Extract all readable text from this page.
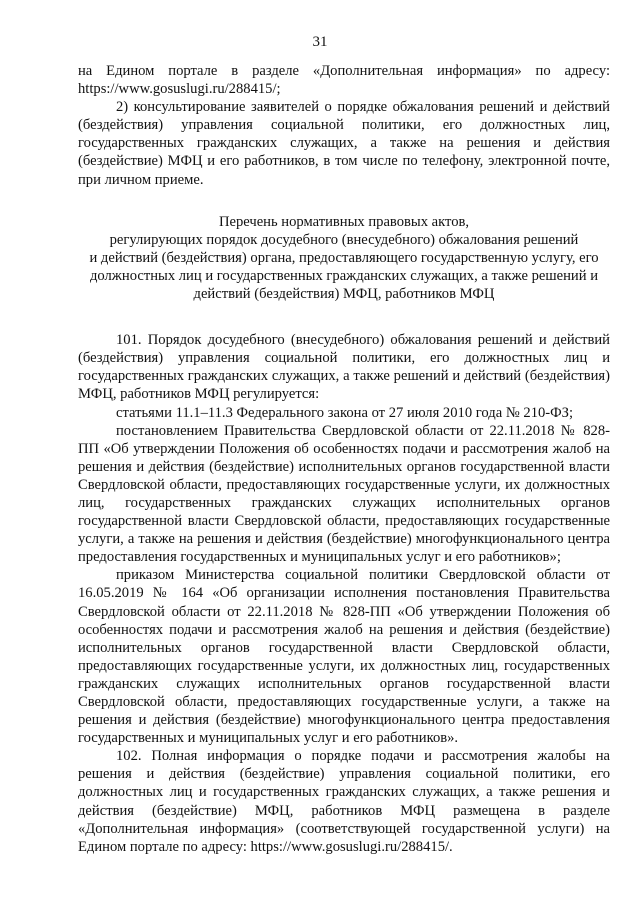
31

на Едином портале в разделе «Дополнительная информация» по адресу: https://www.gosuslugi.ru/288415/;

2) консультирование заявителей о порядке обжалования решений и действий (бездействия) управления социальной политики, его должностных лиц, государственных гражданских служащих, а также на решения и действия (бездействие) МФЦ и его работников, в том числе по телефону, электронной почте, при личном приеме.

Перечень нормативных правовых актов,

регулирующих порядок досудебного (внесудебного) обжалования решений

и действий (бездействия) органа, предоставляющего государственную услугу, его

должностных лиц и государственных гражданских служащих, а также решений и

действий (бездействия) МФЦ, работников МФЦ

101. Порядок досудебного (внесудебного) обжалования решений и действий (бездействия) управления социальной политики, его должностных лиц и государственных гражданских служащих, а также решений и действий (бездействия) МФЦ, работников МФЦ регулируется:

статьями 11.1–11.3 Федерального закона от 27 июля 2010 года № 210-ФЗ;

постановлением Правительства Свердловской области от 22.11.2018 № 828-ПП «Об утверждении Положения об особенностях подачи и рассмотрения жалоб на решения и действия (бездействие) исполнительных органов государственной власти Свердловской области, предоставляющих государственные услуги, их должностных лиц, государственных гражданских служащих исполнительных органов государственной власти Свердловской области, предоставляющих государственные услуги, а также на решения и действия (бездействие) многофункционального центра предоставления государственных и муниципальных услуг и его работников»;

приказом Министерства социальной политики Свердловской области от 16.05.2019 № 164 «Об организации исполнения постановления Правительства Свердловской области от 22.11.2018 № 828-ПП «Об утверждении Положения об особенностях подачи и рассмотрения жалоб на решения и действия (бездействие) исполнительных органов государственной власти Свердловской области, предоставляющих государственные услуги, их должностных лиц, государственных гражданских служащих исполнительных органов государственной власти Свердловской области, предоставляющих государственные услуги, а также на решения и действия (бездействие) многофункционального центра предоставления государственных и муниципальных услуг и его работников».

102. Полная информация о порядке подачи и рассмотрения жалобы на решения и действия (бездействие) управления социальной политики, его должностных лиц и государственных гражданских служащих, а также решения и действия (бездействие) МФЦ, работников МФЦ размещена в разделе «Дополнительная информация» (соответствующей государственной услуги) на Едином портале по адресу: https://www.gosuslugi.ru/288415/.
